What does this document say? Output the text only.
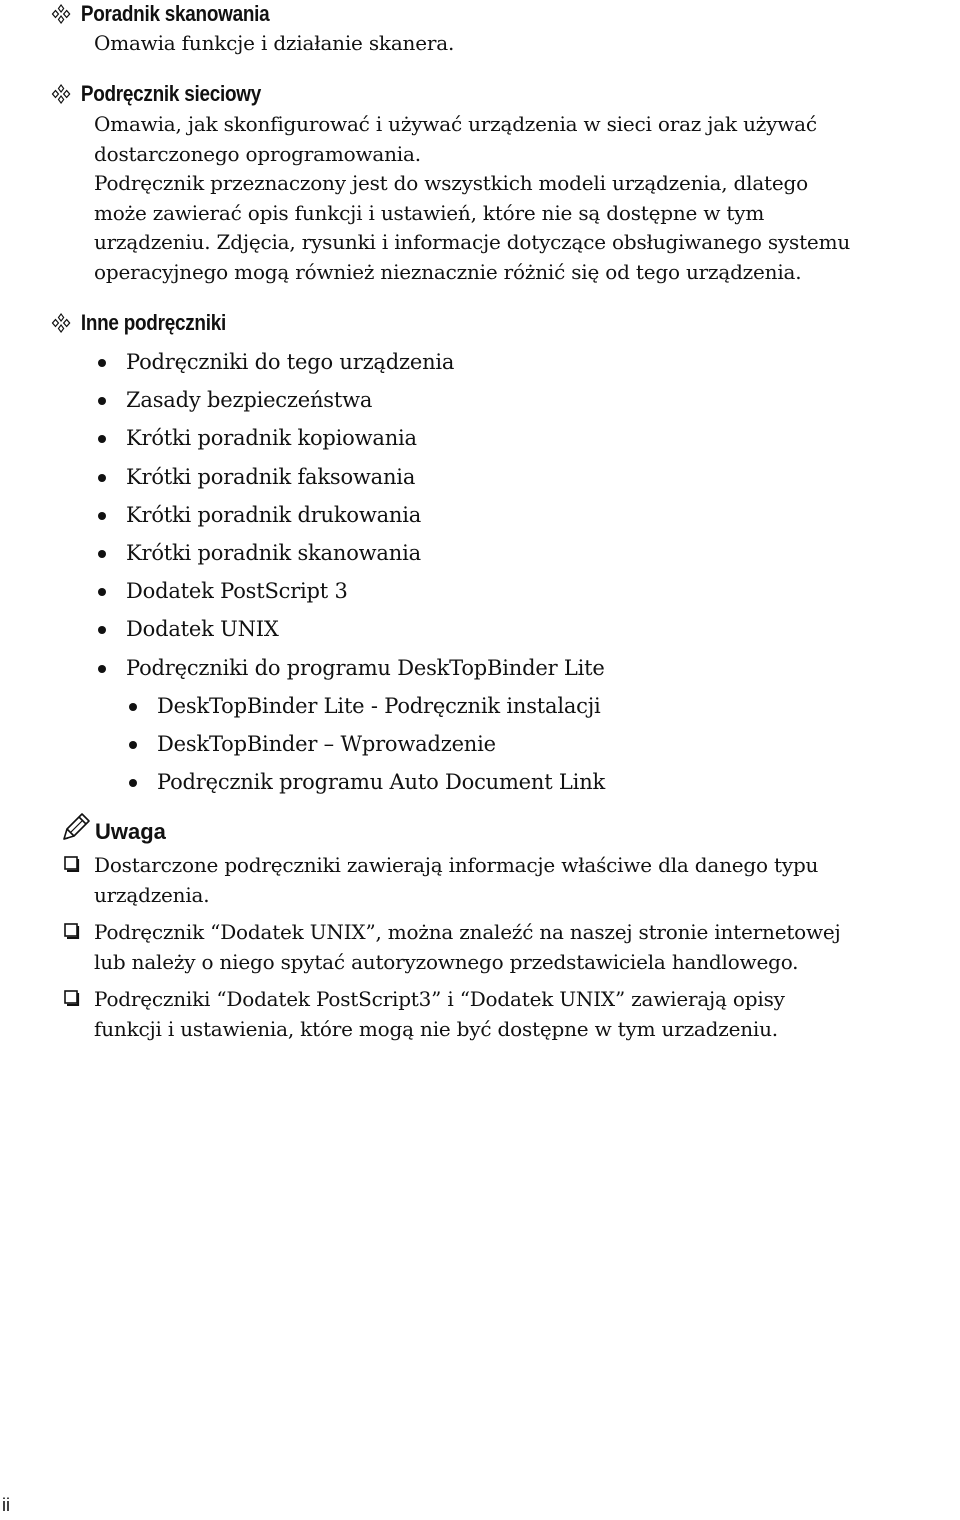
Poradnik skanowania
Omawia funkcje i działanie skanera.
Podręcznik sieciowy
Omawia, jak skonfigurować i używać urządzenia w sieci oraz jak używać
dostarczonego oprogramowania.
Podręcznik przeznaczony jest do wszystkich modeli urządzenia, dlatego
może zawierać opis funkcji i ustawień, które nie są dostępne w tym
urządzeniu. Zdjęcia, rysunki i informacje dotyczące obsługiwanego systemu
operacyjnego mogą również nieznacznie różnić się od tego urządzenia.
Inne podręczniki
Podręczniki do tego urządzenia
Zasady bezpieczeństwa
Krótki poradnik kopiowania
Krótki poradnik faksowania
Krótki poradnik drukowania
Krótki poradnik skanowania
Dodatek PostScript 3
Dodatek UNIX
Podręczniki do programu DeskTopBinder Lite
DeskTopBinder Lite - Podręcznik instalacji
DeskTopBinder – Wprowadzenie
Podręcznik programu Auto Document Link
Uwaga
Dostarczone podręczniki zawierają informacje właściwe dla danego typu
urządzenia.
Podręcznik “Dodatek UNIX”, można znaleźć na naszej stronie internetowej
lub należy o niego spytać autoryzownego przedstawiciela handlowego.
Podręczniki “Dodatek PostScript3” i “Dodatek UNIX” zawierają opisy
funkcji i ustawienia, które mogą nie być dostępne w tym urzadzeniu.
ii
